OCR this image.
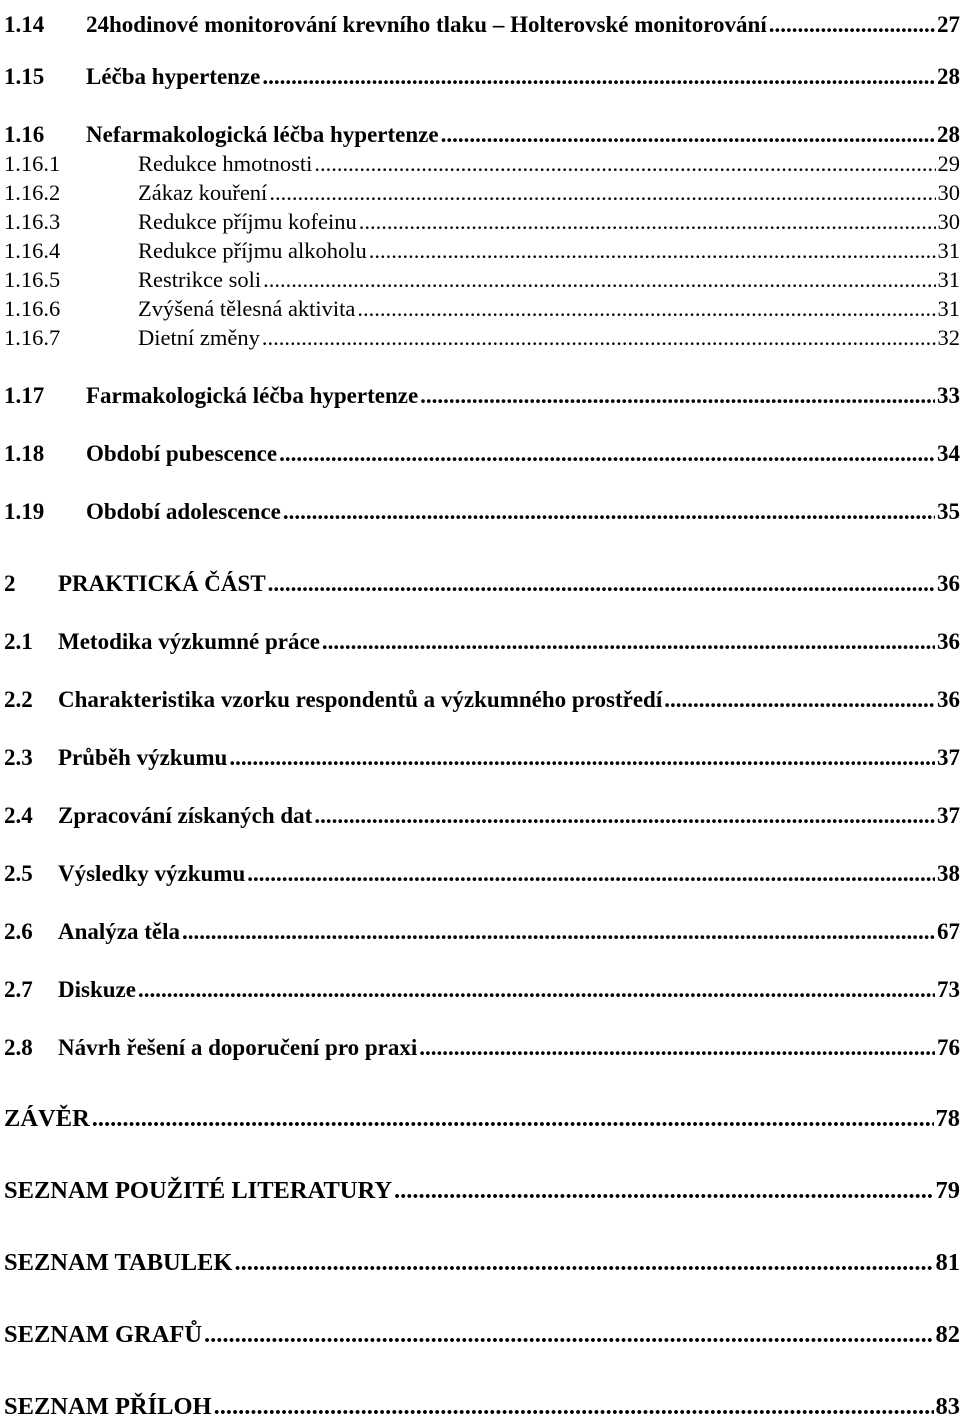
1.14	24hodinové monitorování krevního tlaku – Holterovské monitorování .....	27
1.15	Léčba hypertenze .....	28
1.16	Nefarmakologická léčba hypertenze .....	28
1.16.1	Redukce hmotnosti .....	29
1.16.2	Zákaz kouření .....	30
1.16.3	Redukce příjmu kofeinu .....	30
1.16.4	Redukce příjmu alkoholu .....	31
1.16.5	Restrikce soli .....	31
1.16.6	Zvýšená tělesná aktivita .....	31
1.16.7	Dietní změny .....	32
1.17	Farmakologická léčba hypertenze .....	33
1.18	Období pubescence .....	34
1.19	Období adolescence .....	35
2	PRAKTICKÁ ČÁST .....	36
2.1	Metodika výzkumné práce .....	36
2.2	Charakteristika vzorku respondentů a výzkumného prostředí .....	36
2.3	Průběh výzkumu .....	37
2.4	Zpracování získaných dat .....	37
2.5	Výsledky výzkumu .....	38
2.6	Analýza těla .....	67
2.7	Diskuze .....	73
2.8	Návrh řešení a doporučení pro praxi .....	76
ZÁVĚR .....	78
SEZNAM POUŽITÉ LITERATURY .....	79
SEZNAM TABULEK .....	81
SEZNAM GRAFŮ .....	82
SEZNAM PŘÍLOH .....	83
